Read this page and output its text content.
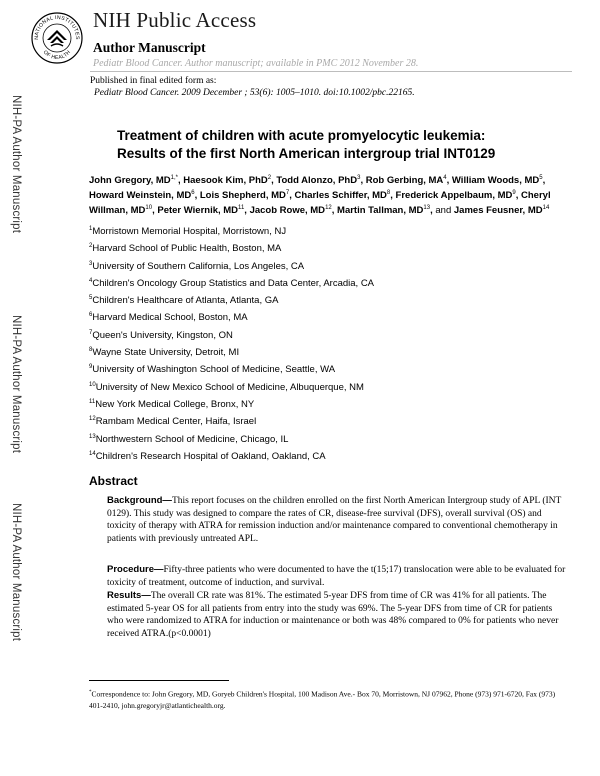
NATIONAL INSTITUTES
OF HEALTH
NIH Public Access
Author Manuscript
Pediatr Blood Cancer. Author manuscript; available in PMC 2012 November 28.
Published in final edited form as:
Pediatr Blood Cancer. 2009 December ; 53(6): 1005–1010. doi:10.1002/pbc.22165.
NIH-PA Author Manuscript
NIH-PA Author Manuscript
NIH-PA Author Manuscript
Treatment of children with acute promyelocytic leukemia:
Results of the first North American intergroup trial INT0129
John Gregory, $MD^{1,*}$, Haesook Kim, PhD$^2$, Todd Alonzo, PhD$^3$, Rob Gerbing, $MA^4$, William Woods, $MD^5$, Howard Weinstein, $MD^6$, Lois Shepherd, $MD^7$, Charles Schiffer, $MD^8$, Frederick Appelbaum, $MD^9$, Cheryl Willman, MD$^{10}$, Peter Wiernik, MD$^{11}$, Jacob Rowe, MD$^{12}$, Martin Tallman, MD$^{13}$, and James Feusner, MD$^{14}$
$^1$Morristown Memorial Hospital, Morristown, NJ
$^2$Harvard School of Public Health, Boston, MA
$^3$University of Southern California, Los Angeles, CA
$^4$Children's Oncology Group Statistics and Data Center, Arcadia, CA
$^5$Children's Healthcare of Atlanta, Atlanta, GA
$^6$Harvard Medical School, Boston, MA
$^7$Queen's University, Kingston, ON
$^8$Wayne State University, Detroit, MI
$^9$University of Washington School of Medicine, Seattle, WA
$^{10}$University of New Mexico School of Medicine, Albuquerque, NM
$^{11}$New York Medical College, Bronx, NY
$^{12}$Rambam Medical Center, Haifa, Israel
$^{13}$Northwestern School of Medicine, Chicago, IL
$^{14}$Children's Research Hospital of Oakland, Oakland, CA
Abstract
Background—This report focuses on the children enrolled on the first North American Intergroup study of APL (INT 0129). This study was designed to compare the rates of CR, disease-free survival (DFS), overall survival (OS) and toxicity of therapy with ATRA for remission induction and/or maintenance compared to conventional chemotherapy in patients with previously untreated APL.
Procedure—Fifty-three patients who were documented to have the t(15;17) translocation were able to be evaluated for toxicity of treatment, outcome of induction, and survival.
Results—The overall CR rate was 81%. The estimated 5-year DFS from time of CR was 41% for all patients. The estimated 5-year OS for all patients from entry into the study was 69%. The 5-year DFS from time of CR for patients who were randomized to ATRA for induction or maintenance or both was 48% compared to 0% for patients who never received ATRA.(p<0.0001)
*Correspondence to: John Gregory, MD, Goryeb Children's Hospital, 100 Madison Ave.- Box 70, Morristown, NJ 07962, Phone (973) 971-6720, Fax (973) 401-2410, john.gregoryjr@atlantichealth.org.
